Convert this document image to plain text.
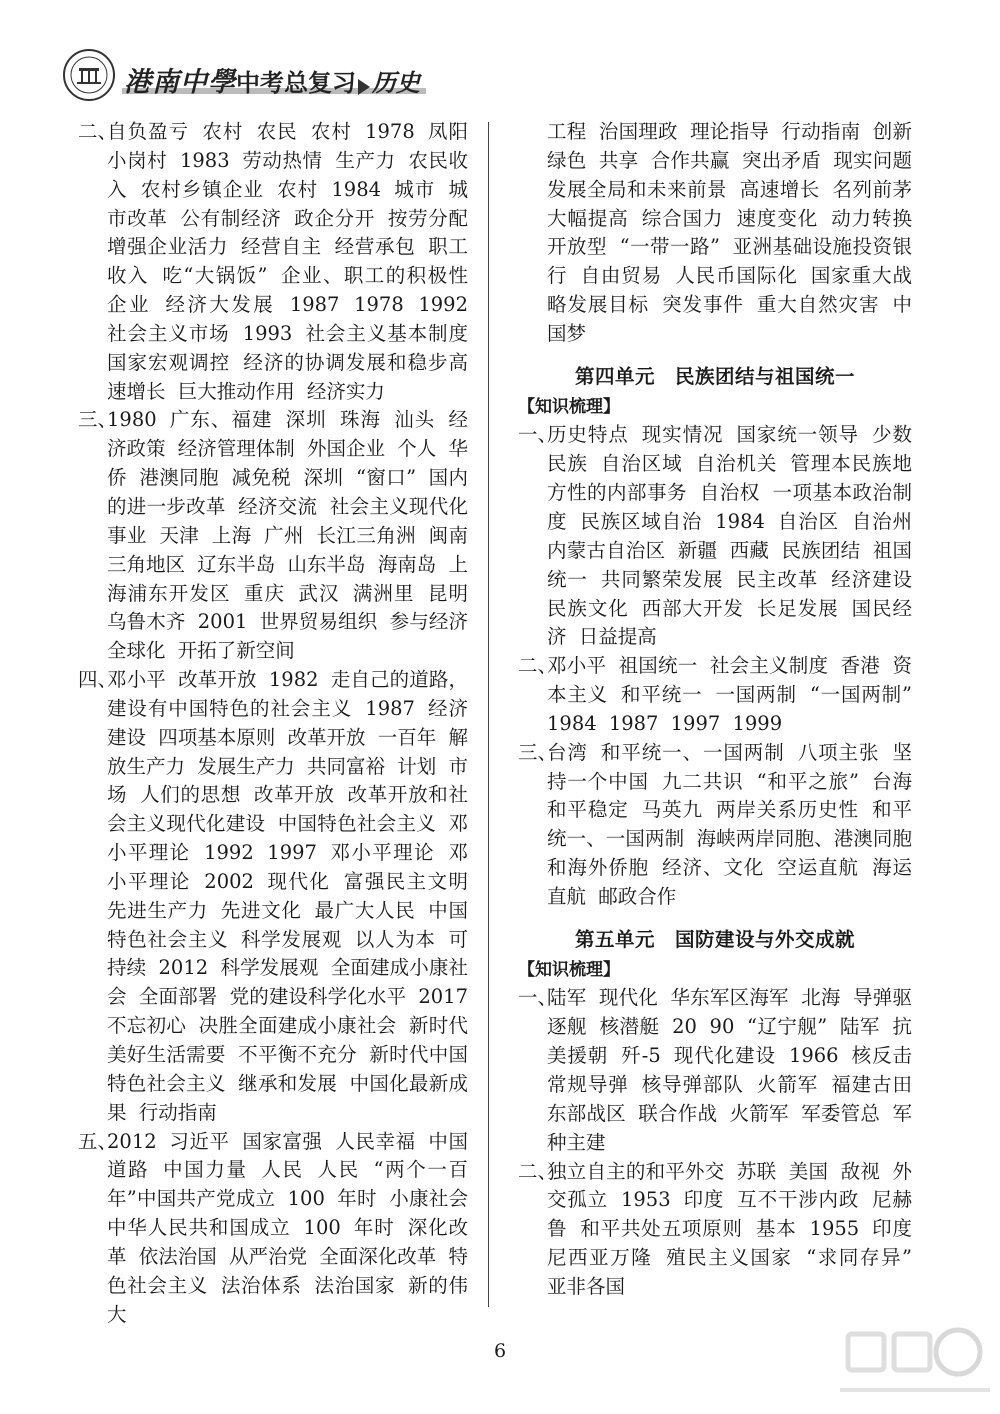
港南中學中考总复习 历史
二、
自负盈亏 农村 农民 农村 1978 凤阳小岗村 1983 劳动热情 生产力 农民收入 农村乡镇企业 农村 1984 城市 城市改革 公有制经济 政企分开 按劳分配 增强企业活力 经营自主 经营承包 职工收入 吃“大锅饭” 企业、职工的积极性 企业 经济大发展 1987 1978 1992 社会主义市场 1993 社会主义基本制度 国家宏观调控 经济的协调发展和稳步高速增长 巨大推动作用 经济实力
三、
1980 广东、福建 深圳 珠海 汕头 经济政策 经济管理体制 外国企业 个人 华侨 港澳同胞 减免税 深圳 “窗口” 国内的进一步改革 经济交流 社会主义现代化事业 天津 上海 广州 长江三角洲 闽南三角地区 辽东半岛 山东半岛 海南岛 上海浦东开发区 重庆 武汉 满洲里 昆明 乌鲁木齐 2001 世界贸易组织 参与经济全球化 开拓了新空间
四、
邓小平 改革开放 1982 走自己的道路，建设有中国特色的社会主义 1987 经济建设 四项基本原则 改革开放 一百年 解放生产力 发展生产力 共同富裕 计划 市场 人们的思想 改革开放 改革开放和社会主义现代化建设 中国特色社会主义 邓小平理论 1992 1997 邓小平理论 邓小平理论 2002 现代化 富强民主文明 先进生产力 先进文化 最广大人民 中国特色社会主义 科学发展观 以人为本 可持续 2012 科学发展观 全面建成小康社会 全面部署 党的建设科学化水平 2017 不忘初心 决胜全面建成小康社会 新时代 美好生活需要 不平衡不充分 新时代中国特色社会主义 继承和发展 中国化最新成果 行动指南
五、
2012 习近平 国家富强 人民幸福 中国道路 中国力量 人民 人民 “两个一百年”中国共产党成立 100 年时 小康社会 中华人民共和国成立 100 年时 深化改革 依法治国 从严治党 全面深化改革 特色社会主义 法治体系 法治国家 新的伟大
工程 治国理政 理论指导 行动指南 创新 绿色 共享 合作共赢 突出矛盾 现实问题 发展全局和未来前景 高速增长 名列前茅 大幅提高 综合国力 速度变化 动力转换 开放型 “一带一路” 亚洲基础设施投资银行 自由贸易 人民币国际化 国家重大战略发展目标 突发事件 重大自然灾害 中国梦
第四单元　民族团结与祖国统一
【知识梳理】
一、
历史特点 现实情况 国家统一领导 少数民族 自治区域 自治机关 管理本民族地方性的内部事务 自治权 一项基本政治制度 民族区域自治 1984 自治区 自治州 内蒙古自治区 新疆 西藏 民族团结 祖国统一 共同繁荣发展 民主改革 经济建设 民族文化 西部大开发 长足发展 国民经济 日益提高
二、
邓小平 祖国统一 社会主义制度 香港 资本主义 和平统一 一国两制 “一国两制” 1984 1987 1997 1999
三、
台湾 和平统一、一国两制 八项主张 坚持一个中国 九二共识 “和平之旅” 台海和平稳定 马英九 两岸关系历史性 和平统一、一国两制 海峡两岸同胞、港澳同胞和海外侨胞 经济、文化 空运直航 海运直航 邮政合作
第五单元　国防建设与外交成就
【知识梳理】
一、
陆军 现代化 华东军区海军 北海 导弹驱逐舰 核潜艇 20 90 “辽宁舰” 陆军 抗美援朝 歼-5 现代化建设 1966 核反击 常规导弹 核导弹部队 火箭军 福建古田 东部战区 联合作战 火箭军 军委管总 军种主建
二、
独立自主的和平外交 苏联 美国 敌视 外交孤立 1953 印度 互不干涉内政 尼赫鲁 和平共处五项原则 基本 1955 印度尼西亚万隆 殖民主义国家 “求同存异” 亚非各国
6
